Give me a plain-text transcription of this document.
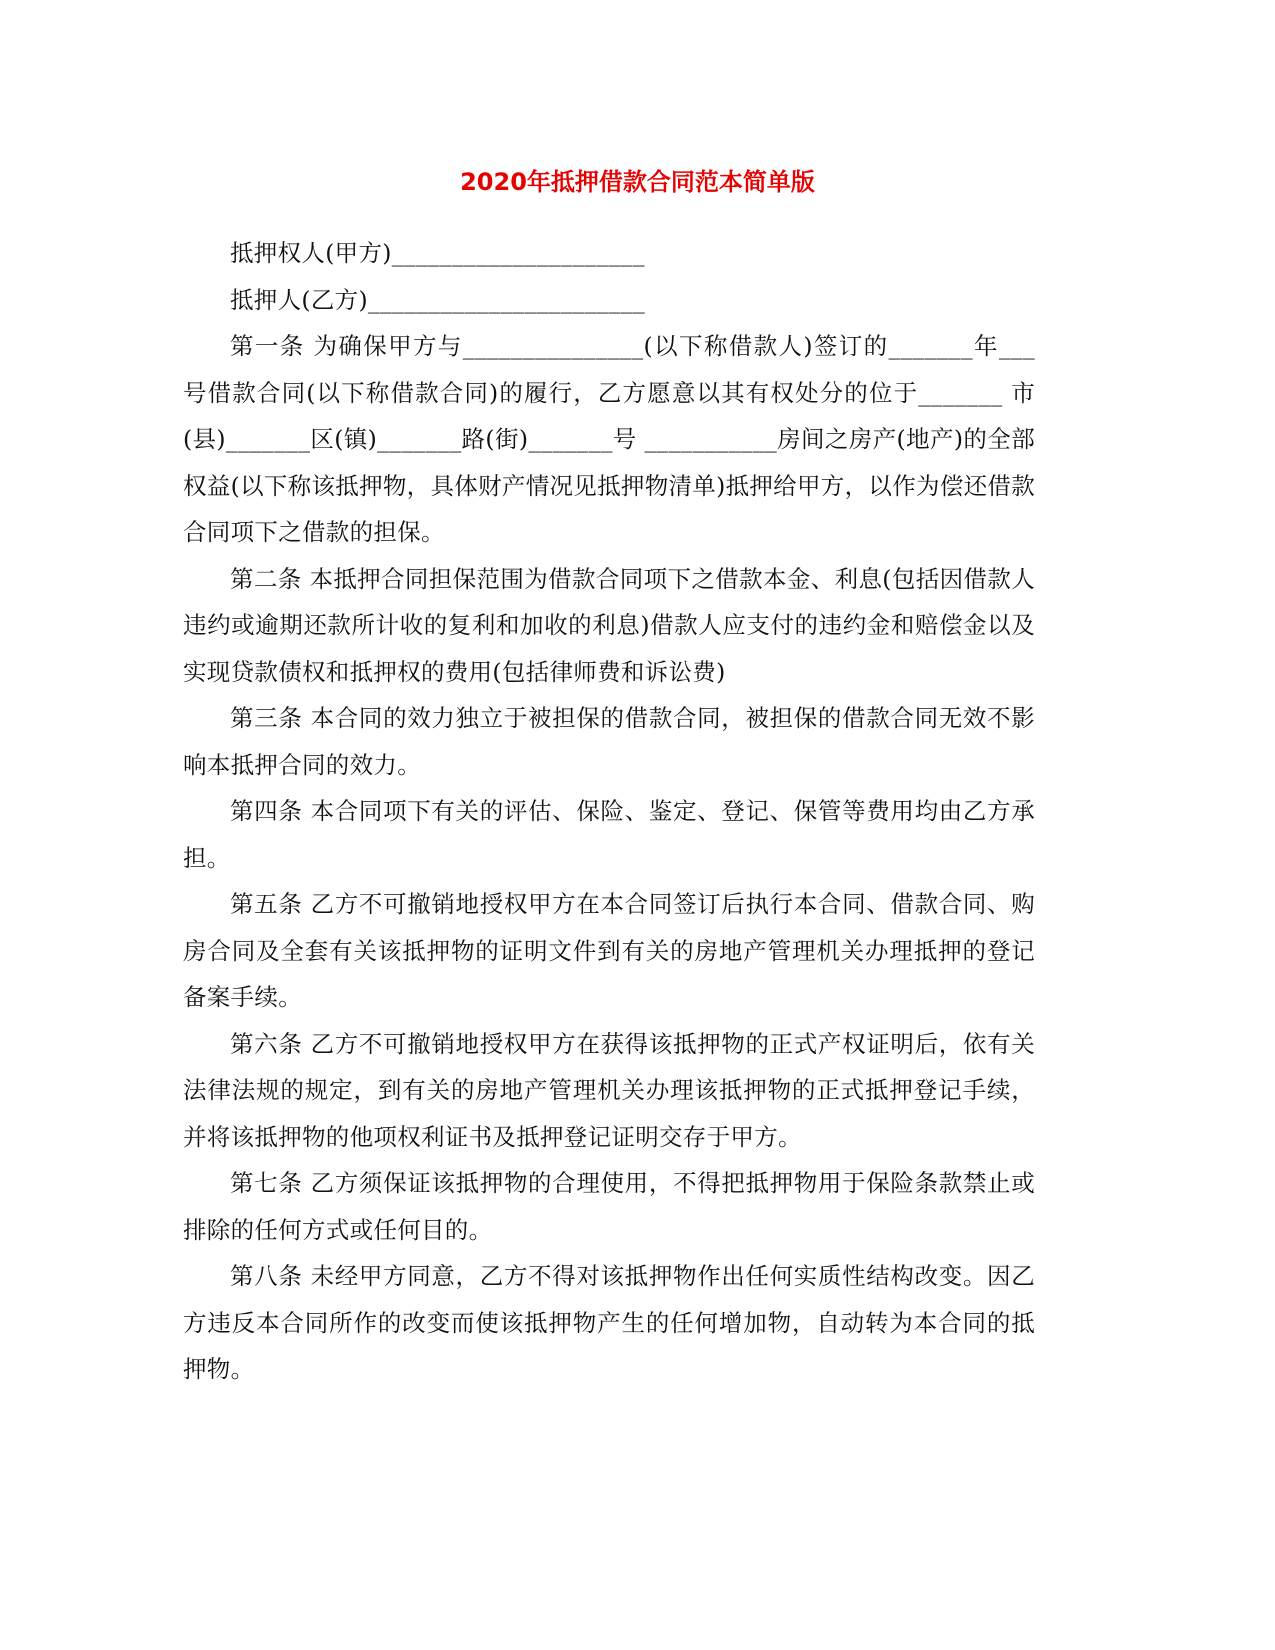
2020年抵押借款合同范本简单版

抵押权人(甲方)_____________________

抵押人(乙方)_______________________

第一条 为确保甲方与_______________(以下称借款人)签订的_______年___ 号借款合同(以下称借款合同)的履行，乙方愿意以其有权处分的位于_______ 市(县)_______区(镇)_______路(街)_______号 ___________房间之房产(地产)的全部权益(以下称该抵押物，具体财产情况见抵押物清单)抵押给甲方，以作为偿还借款合同项下之借款的担保。

第二条 本抵押合同担保范围为借款合同项下之借款本金、利息(包括因借款人违约或逾期还款所计收的复利和加收的利息)借款人应支付的违约金和赔偿金以及实现贷款债权和抵押权的费用(包括律师费和诉讼费)

第三条 本合同的效力独立于被担保的借款合同，被担保的借款合同无效不影响本抵押合同的效力。

第四条 本合同项下有关的评估、保险、鉴定、登记、保管等费用均由乙方承担。

第五条 乙方不可撤销地授权甲方在本合同签订后执行本合同、借款合同、购房合同及全套有关该抵押物的证明文件到有关的房地产管理机关办理抵押的登记备案手续。

第六条 乙方不可撤销地授权甲方在获得该抵押物的正式产权证明后，依有关法律法规的规定，到有关的房地产管理机关办理该抵押物的正式抵押登记手续，并将该抵押物的他项权利证书及抵押登记证明交存于甲方。

第七条 乙方须保证该抵押物的合理使用，不得把抵押物用于保险条款禁止或排除的任何方式或任何目的。

第八条 未经甲方同意，乙方不得对该抵押物作出任何实质性结构改变。因乙方违反本合同所作的改变而使该抵押物产生的任何增加物，自动转为本合同的抵押物。
